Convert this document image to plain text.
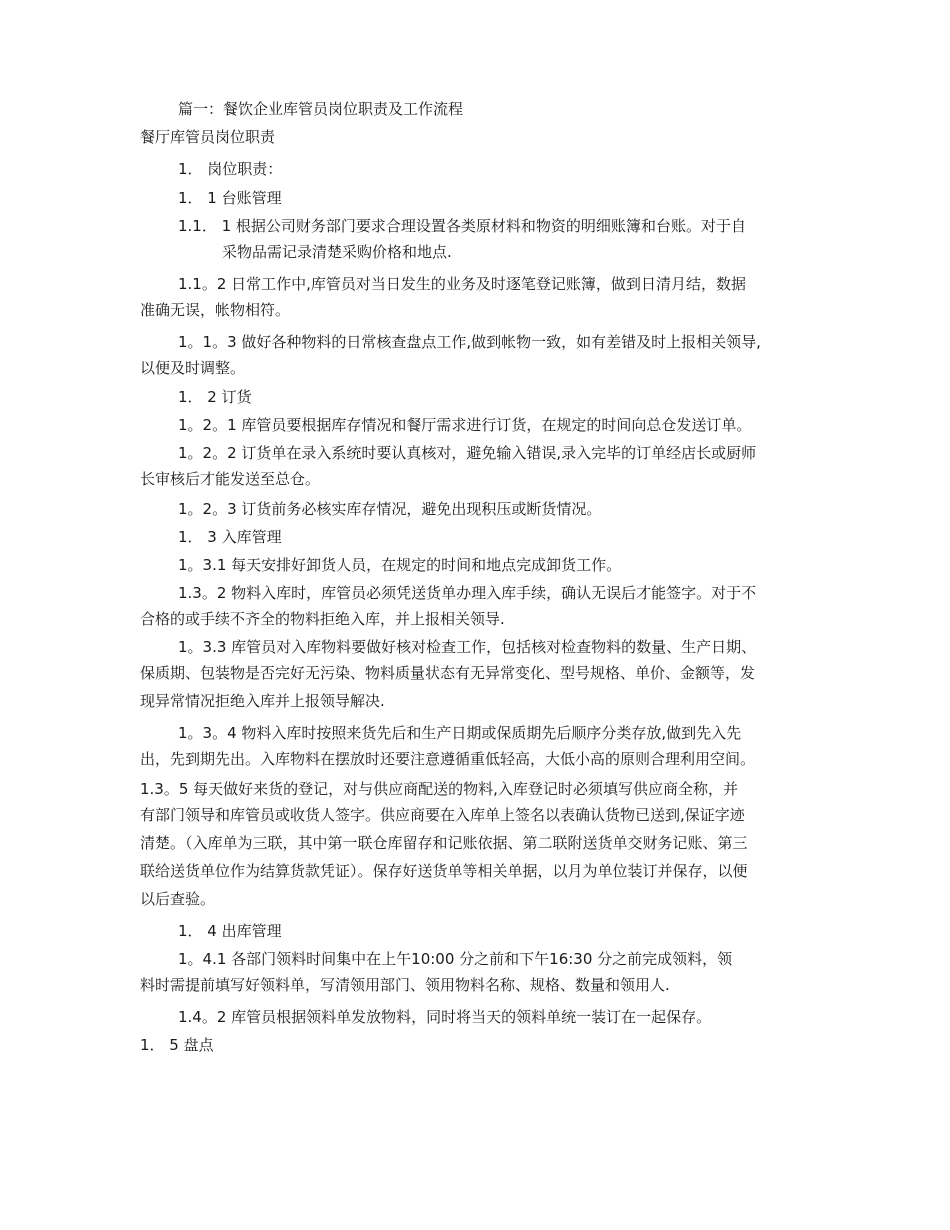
篇一：餐饮企业库管员岗位职责及工作流程
餐厅库管员岗位职责
1． 岗位职责：
1． 1 台账管理
1.1． 1 根据公司财务部门要求合理设置各类原材料和物资的明细账簿和台账。对于自
采物品需记录清楚采购价格和地点.
1.1。2 日常工作中,库管员对当日发生的业务及时逐笔登记账簿，做到日清月结，数据
准确无误，帐物相符。
1。1。3 做好各种物料的日常核查盘点工作,做到帐物一致，如有差错及时上报相关领导,
以便及时调整。
1． 2 订货
1。2。1 库管员要根据库存情况和餐厅需求进行订货，在规定的时间向总仓发送订单。
1。2。2 订货单在录入系统时要认真核对，避免输入错误,录入完毕的订单经店长或厨师
长审核后才能发送至总仓。
1。2。3 订货前务必核实库存情况，避免出现积压或断货情况。
1． 3 入库管理
1。3.1 每天安排好卸货人员，在规定的时间和地点完成卸货工作。
1.3。2 物料入库时，库管员必须凭送货单办理入库手续，确认无误后才能签字。对于不
合格的或手续不齐全的物料拒绝入库，并上报相关领导.
1。3.3 库管员对入库物料要做好核对检查工作，包括核对检查物料的数量、生产日期、
保质期、包装物是否完好无污染、物料质量状态有无异常变化、型号规格、单价、金额等，发
现异常情况拒绝入库并上报领导解决.
1。3。4 物料入库时按照来货先后和生产日期或保质期先后顺序分类存放,做到先入先
出，先到期先出。入库物料在摆放时还要注意遵循重低轻高，大低小高的原则合理利用空间。
1.3。5 每天做好来货的登记，对与供应商配送的物料,入库登记时必须填写供应商全称，并
有部门领导和库管员或收货人签字。供应商要在入库单上签名以表确认货物已送到,保证字迹
清楚。（入库单为三联，其中第一联仓库留存和记账依据、第二联附送货单交财务记账、第三
联给送货单位作为结算货款凭证）。保存好送货单等相关单据，以月为单位装订并保存，以便
以后查验。
1． 4 出库管理
1。4.1 各部门领料时间集中在上午10:00 分之前和下午16:30 分之前完成领料，领
料时需提前填写好领料单，写清领用部门、领用物料名称、规格、数量和领用人.
1.4。2 库管员根据领料单发放物料，同时将当天的领料单统一装订在一起保存。
1． 5 盘点
